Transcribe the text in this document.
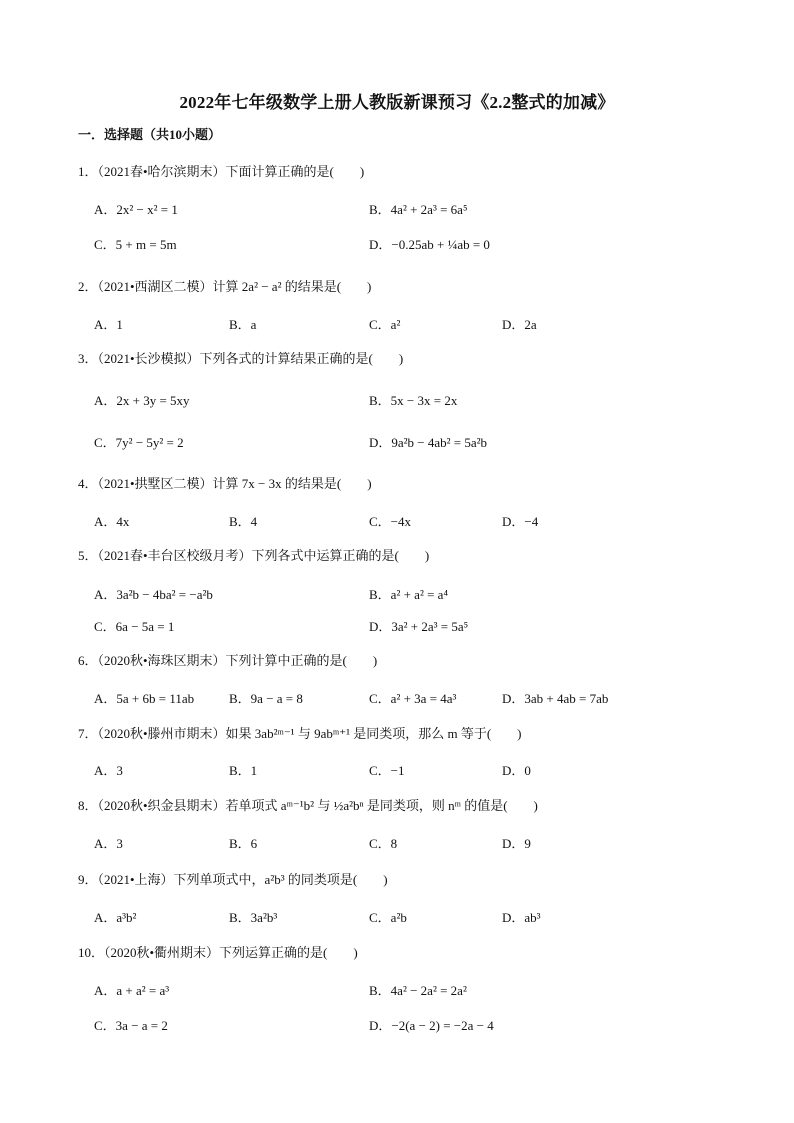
2022年七年级数学上册人教版新课预习《2.2整式的加减》
一．选择题（共10小题）
1．（2021春•哈尔滨期末）下面计算正确的是(　　)
A．2x² − x² = 1	B．4a² + 2a³ = 6a⁵
C．5 + m = 5m	D．−0.25ab + ¼ab = 0
2．（2021•西湖区二模）计算 2a² − a² 的结果是(　　)
A．1	B．a	C．a²	D．2a
3．（2021•长沙模拟）下列各式的计算结果正确的是(　　)
A．2x + 3y = 5xy	B．5x − 3x = 2x
C．7y² − 5y² = 2	D．9a²b − 4ab² = 5a²b
4．（2021•拱墅区二模）计算 7x − 3x 的结果是(　　)
A．4x	B．4	C．−4x	D．−4
5．（2021春•丰台区校级月考）下列各式中运算正确的是(　　)
A．3a²b − 4ba² = −a²b	B．a² + a² = a⁴
C．6a − 5a = 1	D．3a² + 2a³ = 5a⁵
6．（2020秋•海珠区期末）下列计算中正确的是(　　)
A．5a + 6b = 11ab	B．9a − a = 8	C．a² + 3a = 4a³	D．3ab + 4ab = 7ab
7．（2020秋•滕州市期末）如果 3ab²ᵐ⁻¹ 与 9abᵐ⁺¹ 是同类项，那么 m 等于(　　)
A．3	B．1	C．−1	D．0
8．（2020秋•织金县期末）若单项式 aᵐ⁻¹b² 与 ½a²bⁿ 是同类项，则 nᵐ 的值是(　　)
A．3	B．6	C．8	D．9
9．（2021•上海）下列单项式中，a²b³ 的同类项是(　　)
A．a³b²	B．3a²b³	C．a²b	D．ab³
10．（2020秋•衢州期末）下列运算正确的是(　　)
A．a + a² = a³	B．4a² − 2a² = 2a²
C．3a − a = 2	D．−2(a − 2) = −2a − 4
